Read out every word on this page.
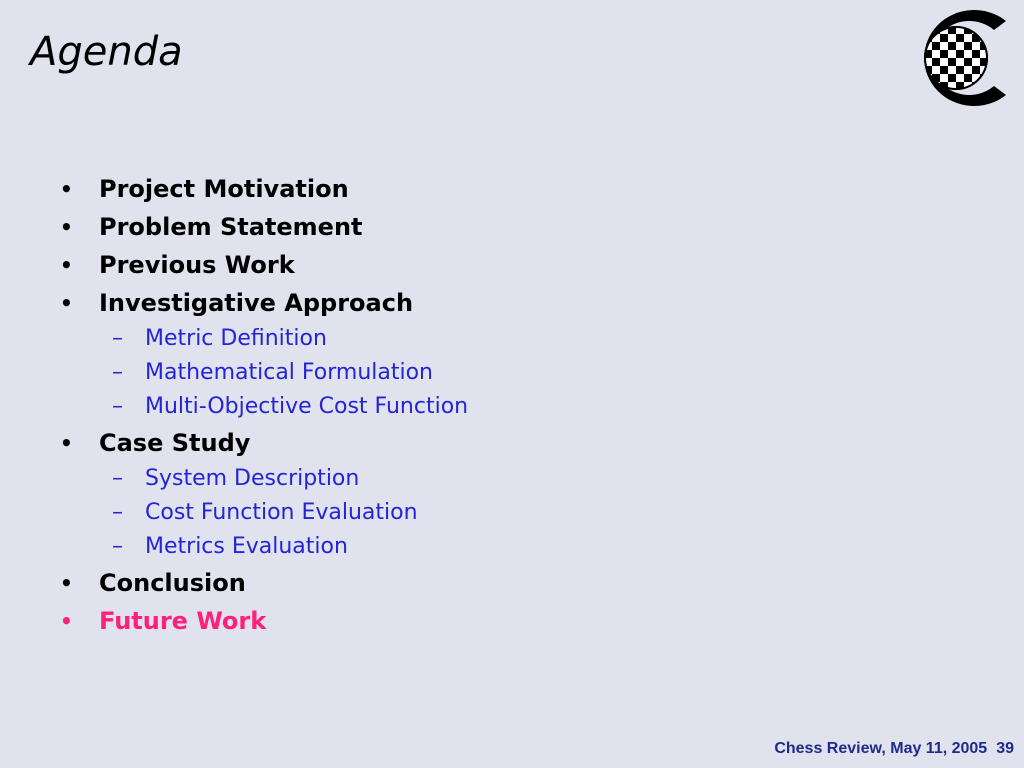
Agenda
•	Project Motivation
•	Problem Statement
•	Previous Work
•	Investigative Approach
– Metric Definition
– Mathematical Formulation
– Multi-Objective Cost Function
•	Case Study
– System Description
– Cost Function Evaluation
– Metrics Evaluation
•	Conclusion
•	Future Work
Chess Review, May 11, 2005 39
